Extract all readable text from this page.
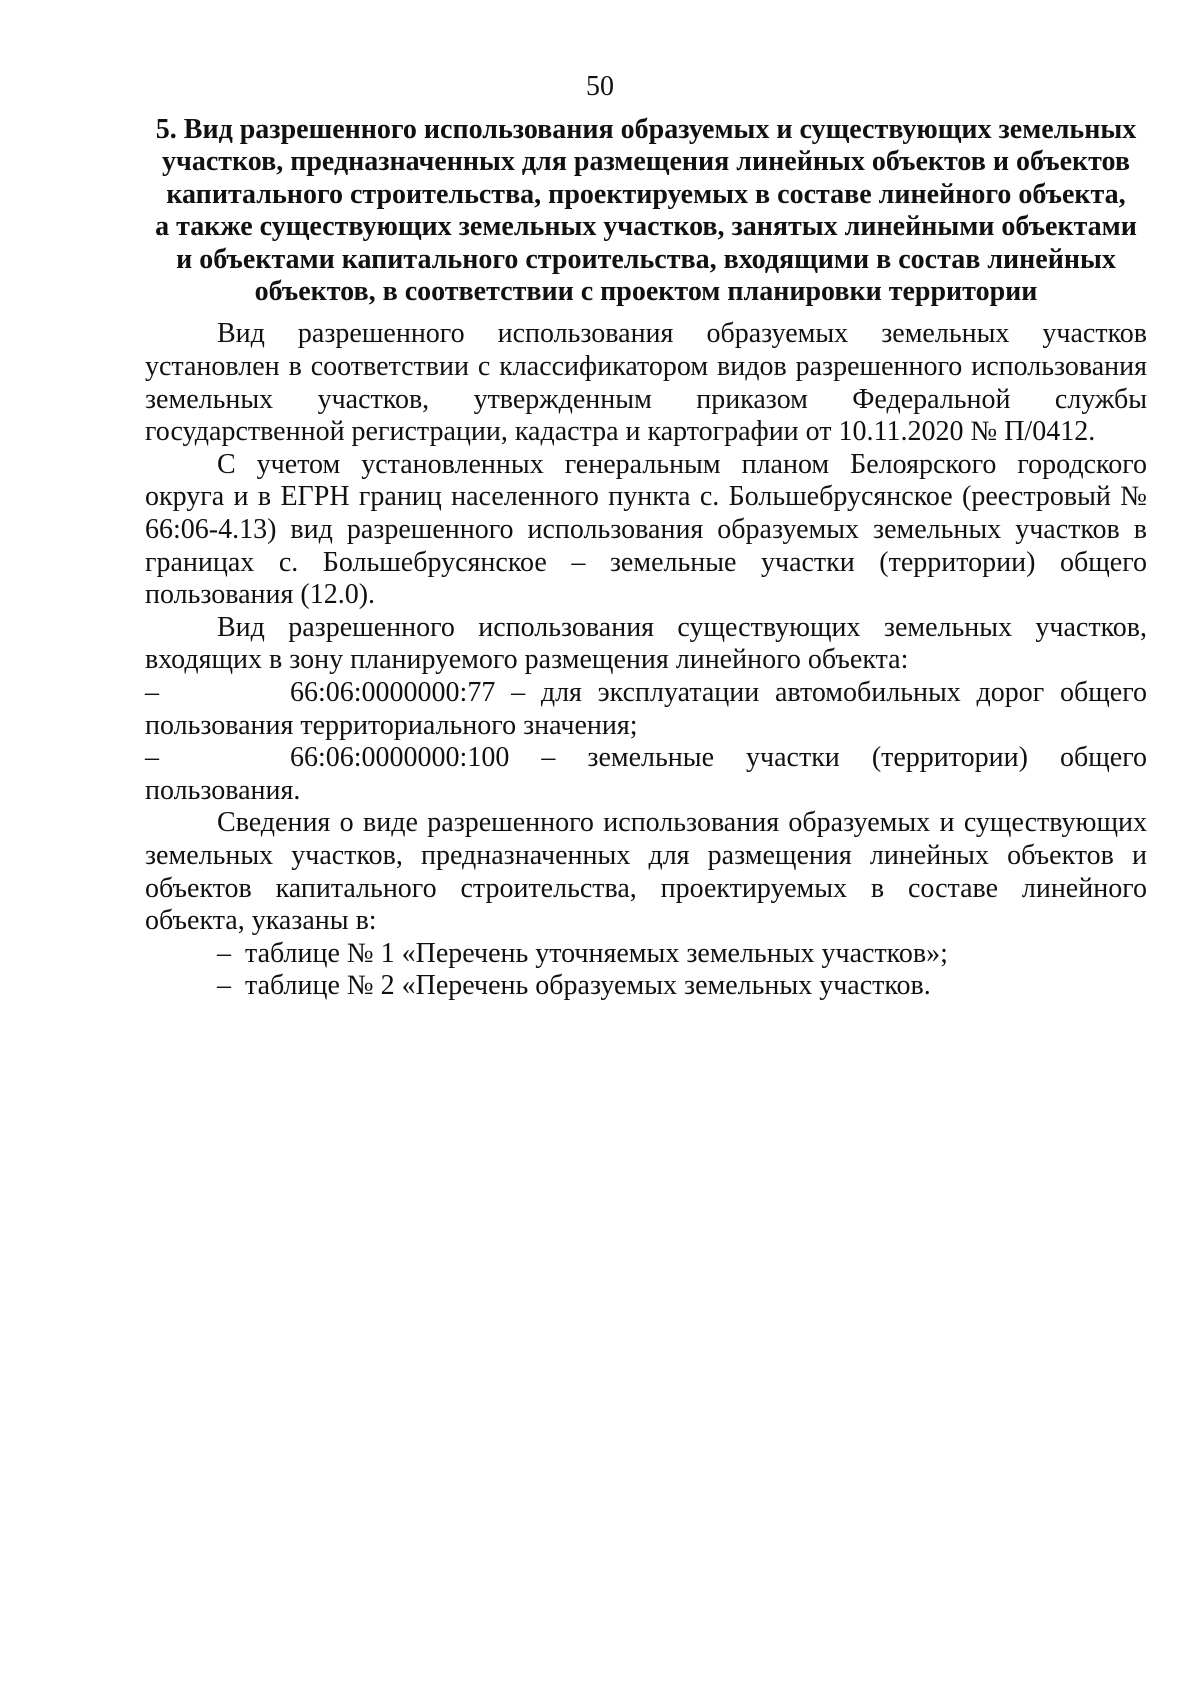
50

5. Вид разрешенного использования образуемых и существующих земельных
участков, предназначенных для размещения линейных объектов и объектов
капитального строительства, проектируемых в составе линейного объекта,
а также существующих земельных участков, занятых линейными объектами
и объектами капитального строительства, входящими в состав линейных
объектов, в соответствии с проектом планировки территории

Вид разрешенного использования образуемых земельных участков установлен в соответствии с классификатором видов разрешенного использования земельных участков, утвержденным приказом Федеральной службы государственной регистрации, кадастра и картографии от 10.11.2020 № П/0412.

С учетом установленных генеральным планом Белоярского городского округа и в ЕГРН границ населенного пункта с. Большебрусянское (реестровый № 66:06-4.13) вид разрешенного использования образуемых земельных участков в границах с. Большебрусянское – земельные участки (территории) общего пользования (12.0).

Вид разрешенного использования существующих земельных участков, входящих в зону планируемого размещения линейного объекта:

–	66:06:0000000:77 – для эксплуатации автомобильных дорог общего пользования территориального значения;

–	66:06:0000000:100 – земельные участки (территории) общего пользования.

Сведения о виде разрешенного использования образуемых и существующих земельных участков, предназначенных для размещения линейных объектов и объектов капитального строительства, проектируемых в составе линейного объекта, указаны в:

– таблице № 1 «Перечень уточняемых земельных участков»;

– таблице № 2 «Перечень образуемых земельных участков.
